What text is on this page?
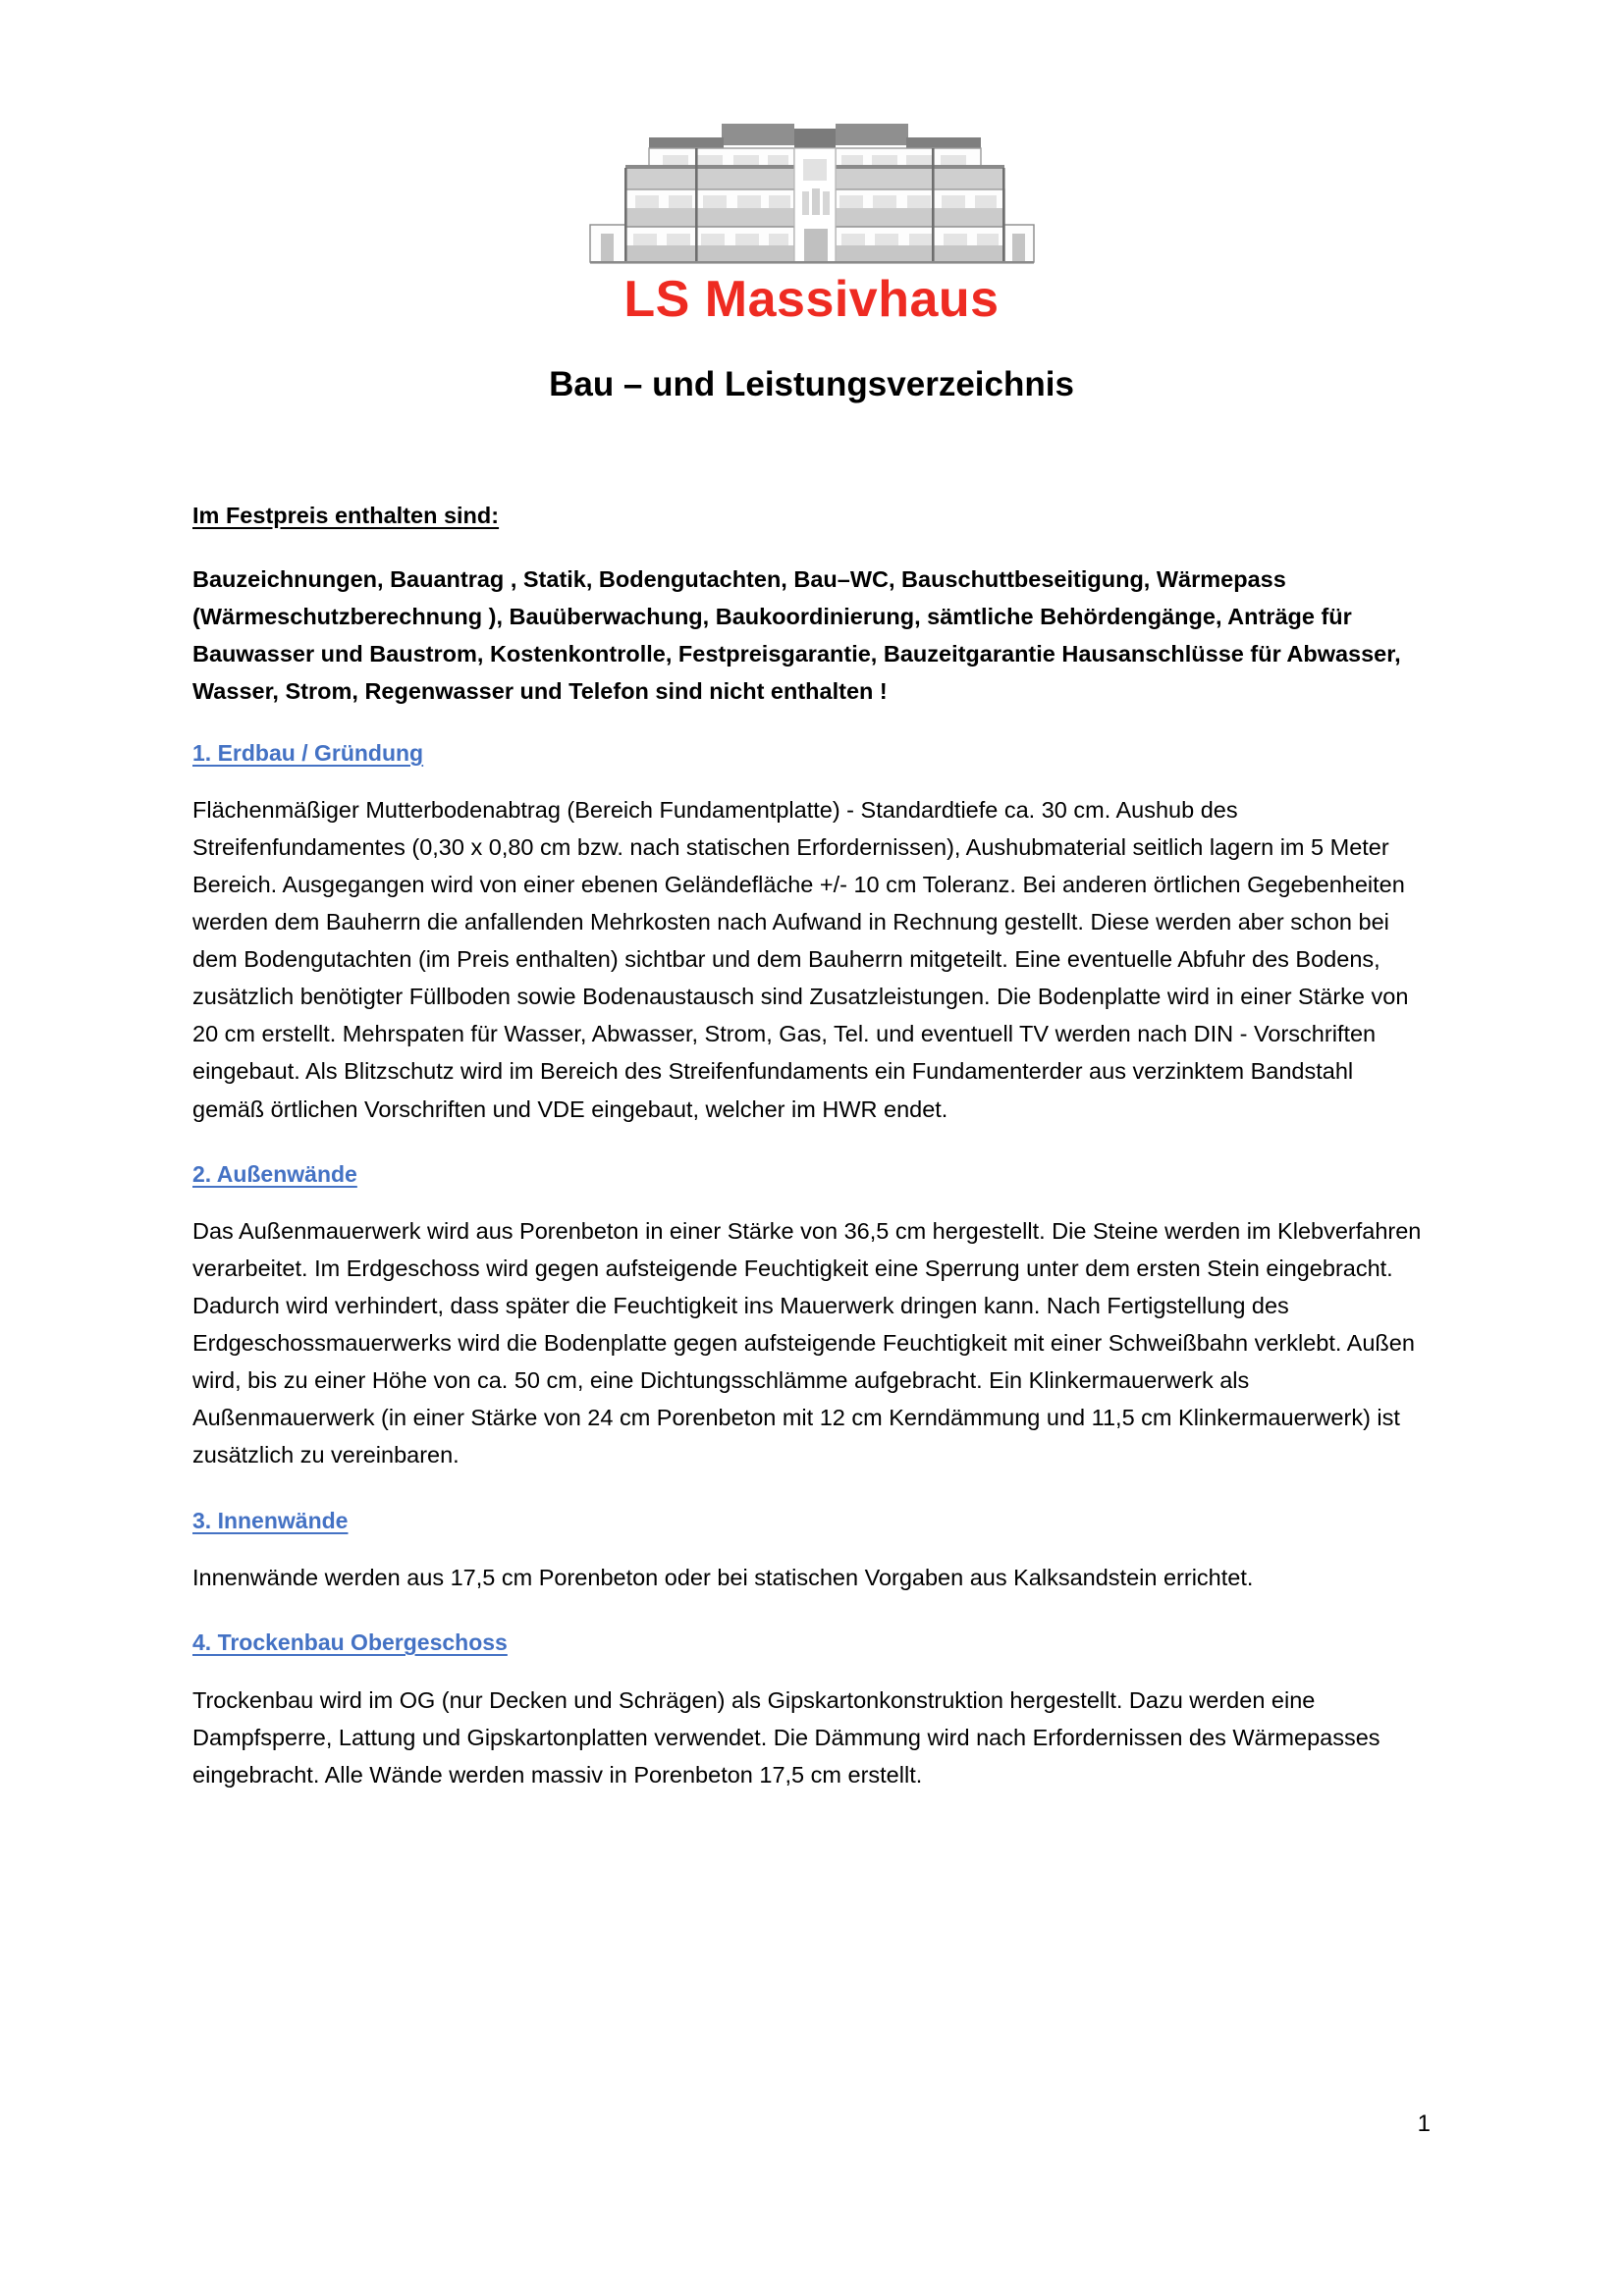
LS Massivhaus
Bau – und Leistungsverzeichnis
Im Festpreis enthalten sind:
Bauzeichnungen, Bauantrag , Statik, Bodengutachten, Bau–WC, Bauschuttbeseitigung, Wärmepass (Wärmeschutzberechnung ), Bauüberwachung, Baukoordinierung, sämtliche Behördengänge, Anträge für Bauwasser und Baustrom, Kostenkontrolle, Festpreisgarantie, Bauzeitgarantie Hausanschlüsse für Abwasser, Wasser, Strom, Regenwasser und Telefon sind nicht enthalten !
1. Erdbau / Gründung
Flächenmäßiger Mutterbodenabtrag (Bereich Fundamentplatte) - Standardtiefe ca. 30 cm. Aushub des Streifenfundamentes (0,30 x 0,80 cm bzw. nach statischen Erfordernissen), Aushubmaterial seitlich lagern im 5 Meter Bereich. Ausgegangen wird von einer ebenen Geländefläche +/- 10 cm Toleranz. Bei anderen örtlichen Gegebenheiten werden dem Bauherrn die anfallenden Mehrkosten nach Aufwand in Rechnung gestellt. Diese werden aber schon bei dem Bodengutachten (im Preis enthalten) sichtbar und dem Bauherrn mitgeteilt. Eine eventuelle Abfuhr des Bodens, zusätzlich benötigter Füllboden sowie Bodenaustausch sind Zusatzleistungen. Die Bodenplatte wird in einer Stärke von 20 cm erstellt. Mehrspaten für Wasser, Abwasser, Strom, Gas, Tel. und eventuell TV werden nach DIN - Vorschriften eingebaut. Als Blitzschutz wird im Bereich des Streifenfundaments ein Fundamenterder aus verzinktem Bandstahl gemäß örtlichen Vorschriften und VDE eingebaut, welcher im HWR endet.
2. Außenwände
Das Außenmauerwerk wird aus Porenbeton in einer Stärke von 36,5 cm hergestellt. Die Steine werden im Klebverfahren verarbeitet. Im Erdgeschoss wird gegen aufsteigende Feuchtigkeit eine Sperrung unter dem ersten Stein eingebracht. Dadurch wird verhindert, dass später die Feuchtigkeit ins Mauerwerk dringen kann. Nach Fertigstellung des Erdgeschossmauerwerks wird die Bodenplatte gegen aufsteigende Feuchtigkeit mit einer Schweißbahn verklebt. Außen wird, bis zu einer Höhe von ca. 50 cm, eine Dichtungsschlämme aufgebracht. Ein Klinkermauerwerk als Außenmauerwerk (in einer Stärke von 24 cm Porenbeton mit 12 cm Kerndämmung und 11,5 cm Klinkermauerwerk) ist zusätzlich zu vereinbaren.
3. Innenwände
Innenwände werden aus 17,5 cm Porenbeton oder bei statischen Vorgaben aus Kalksandstein errichtet.
4. Trockenbau Obergeschoss
Trockenbau wird im OG (nur Decken und Schrägen) als Gipskartonkonstruktion hergestellt. Dazu werden eine Dampfsperre, Lattung und Gipskartonplatten verwendet. Die Dämmung wird nach Erfordernissen des Wärmepasses eingebracht. Alle Wände werden massiv in Porenbeton 17,5 cm erstellt.
1
